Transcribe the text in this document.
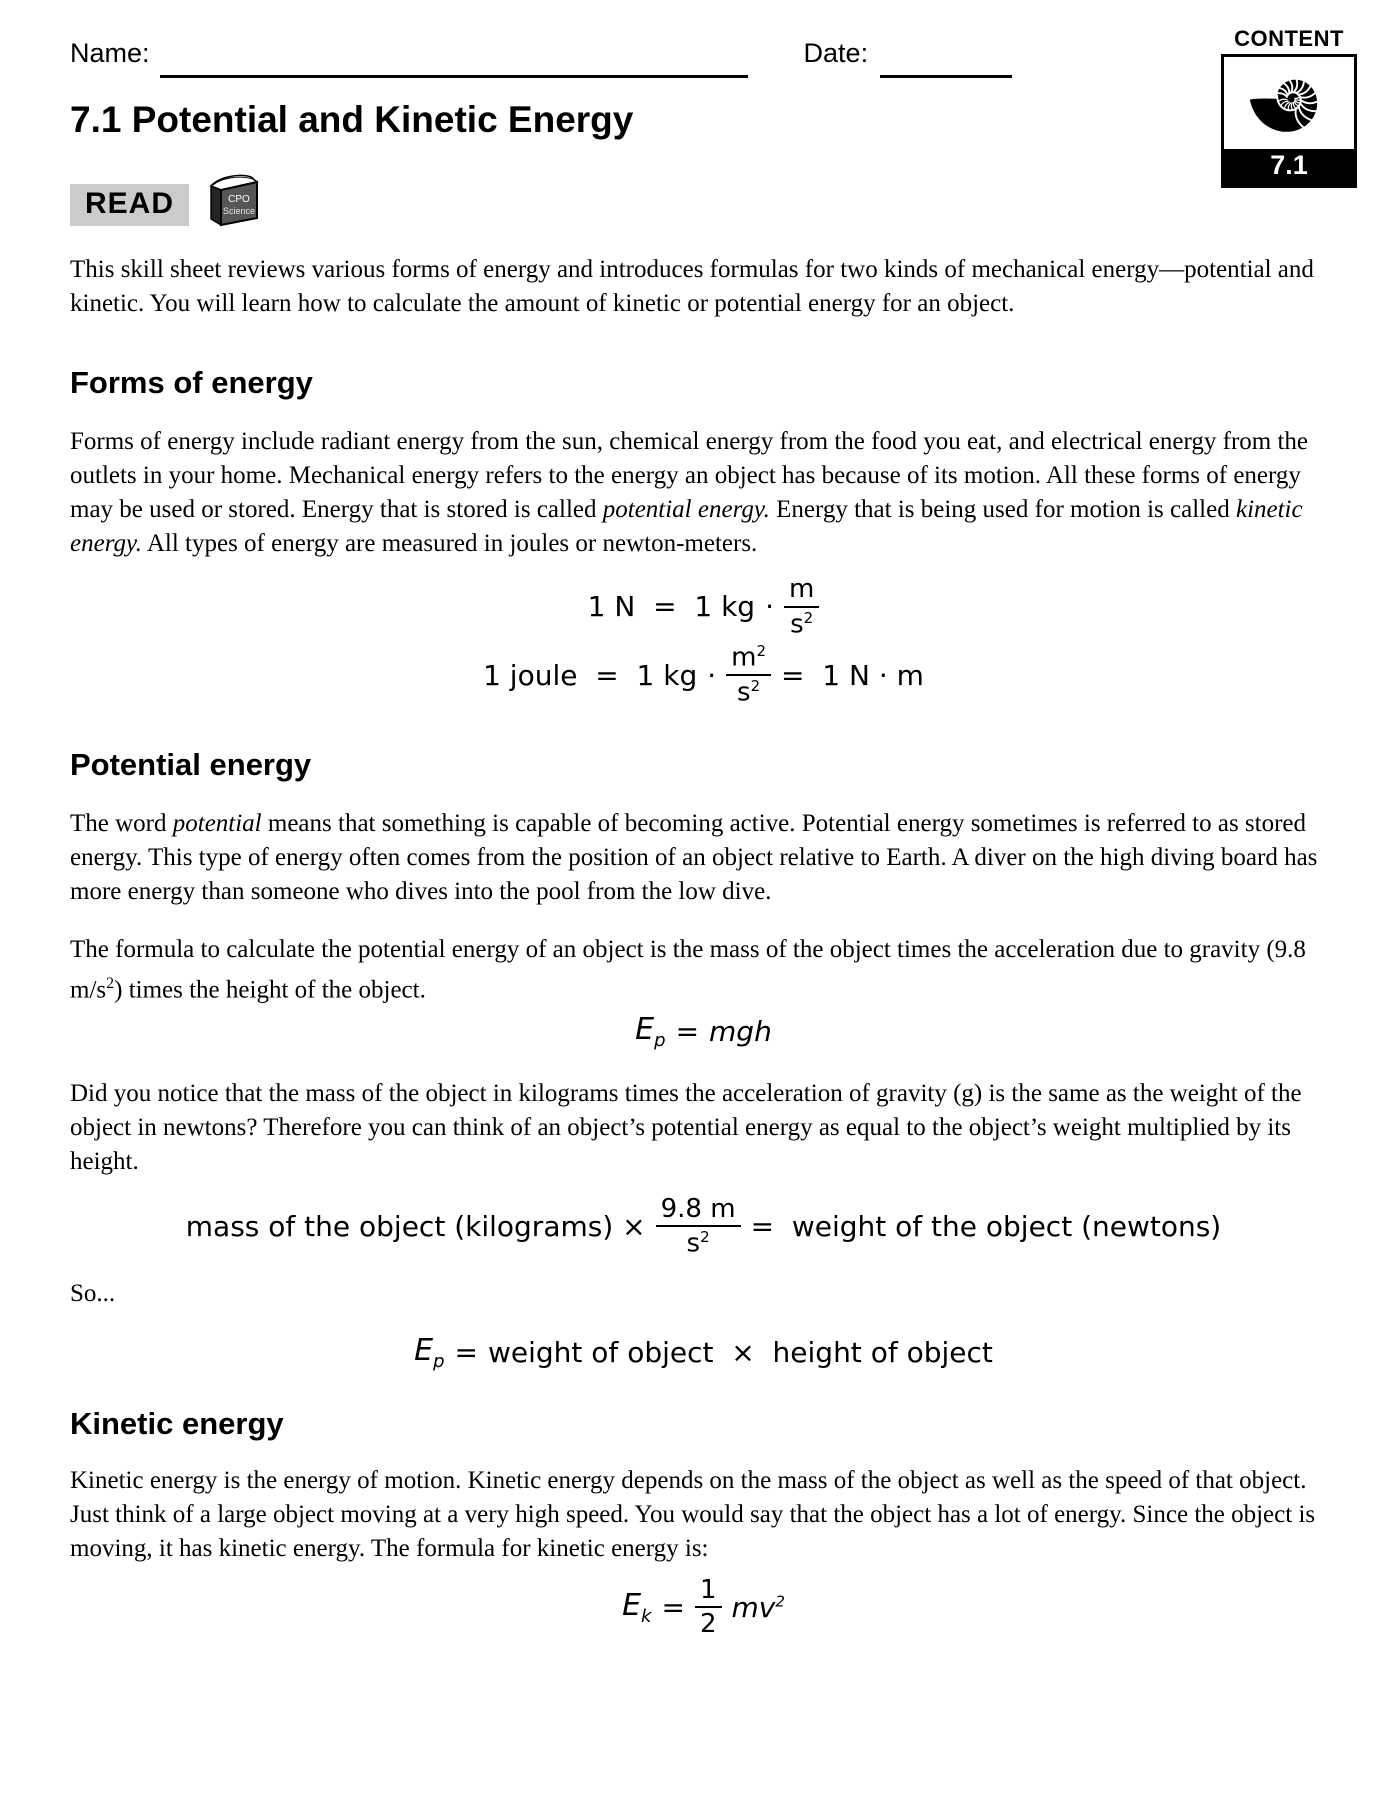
Name:	Date:	CONTENT
7.1
7.1 Potential and Kinetic Energy
READ	CPO
Science

This skill sheet reviews various forms of energy and introduces formulas for two kinds of mechanical energy—potential and kinetic. You will learn how to calculate the amount of kinetic or potential energy for an object.

Forms of energy

Forms of energy include radiant energy from the sun, chemical energy from the food you eat, and electrical energy from the outlets in your home. Mechanical energy refers to the energy an object has because of its motion. All these forms of energy may be used or stored. Energy that is stored is called potential energy. Energy that is being used for motion is called kinetic energy. All types of energy are measured in joules or newton-meters.

1 N  =  1 kg · $\frac{m}{s^2}$
1 joule  =  1 kg · $\frac{m^2}{s^2} = 1$ N · m
Potential energy

The word potential means that something is capable of becoming active. Potential energy sometimes is referred to as stored energy. This type of energy often comes from the position of an object relative to Earth. A diver on the high diving board has more energy than someone who dives into the pool from the low dive.

The formula to calculate the potential energy of an object is the mass of the object times the acceleration due to gravity (9.8 $m/s^2$) times the height of the object.

$E_p$ = mgh

Did you notice that the mass of the object in kilograms times the acceleration of gravity (g) is the same as the weight of the object in newtons? Therefore you can think of an object’s potential energy as equal to the object’s weight multiplied by its height.

mass of the object (kilograms) × $\frac{9.8 m}{s^2}$ =  weight of the object (newtons)

So...

$E_p$ = weight of object  ×  height of object
Kinetic energy

Kinetic energy is the energy of motion. Kinetic energy depends on the mass of the object as well as the speed of that object. Just think of a large object moving at a very high speed. You would say that the object has a lot of energy. Since the object is moving, it has kinetic energy. The formula for kinetic energy is:

$E_k = \frac{1}{2} mv^2$
